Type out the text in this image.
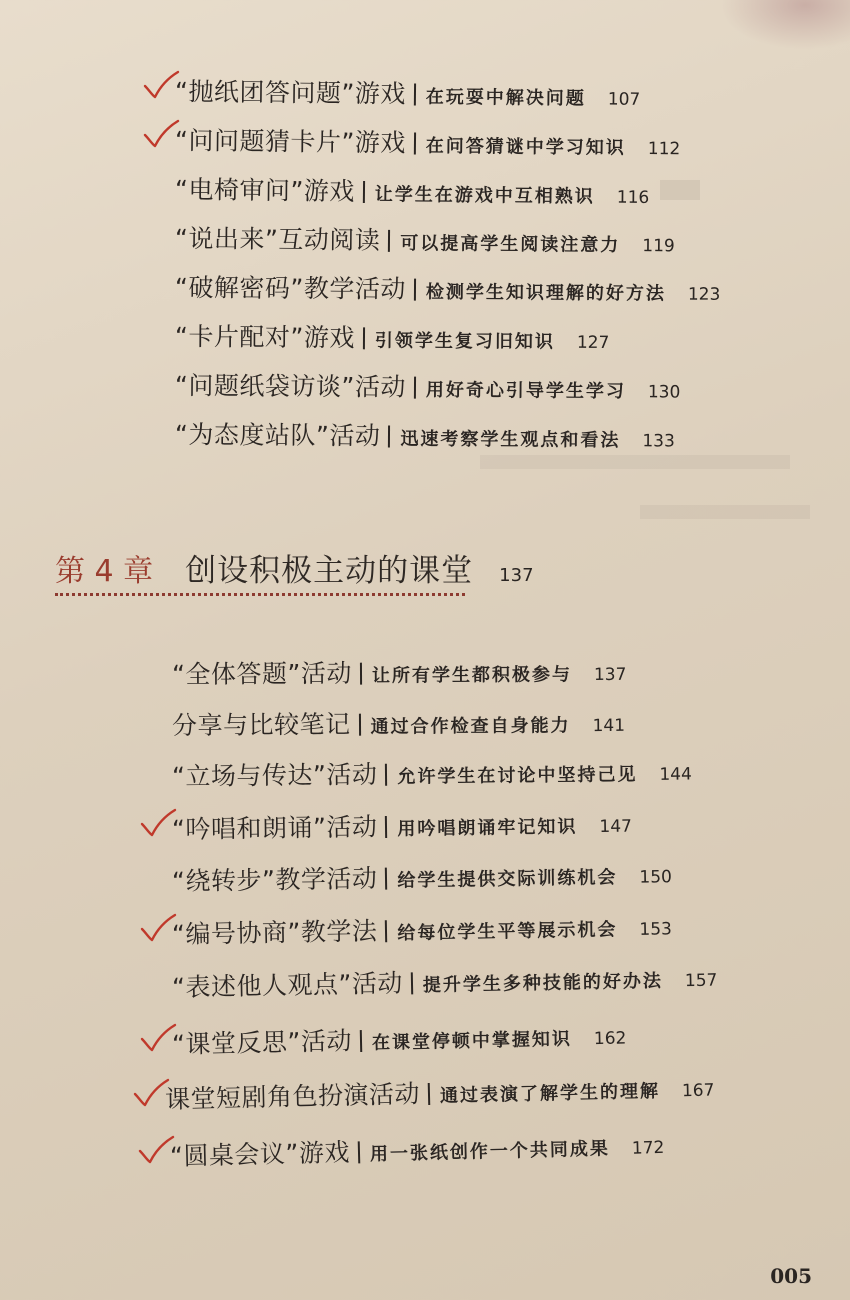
“抛纸团答问题”游戏 在玩耍中解决问题 107
“问问题猜卡片”游戏 在问答猜谜中学习知识 112
“电椅审问”游戏 让学生在游戏中互相熟识 116
“说出来”互动阅读 可以提高学生阅读注意力 119
“破解密码”教学活动 检测学生知识理解的好方法 123
“卡片配对”游戏 引领学生复习旧知识 127
“问题纸袋访谈”活动 用好奇心引导学生学习 130
“为态度站队”活动 迅速考察学生观点和看法 133
第 4 章 创设积极主动的课堂 137
“全体答题”活动 让所有学生都积极参与 137
分享与比较笔记 通过合作检查自身能力 141
“立场与传达”活动 允许学生在讨论中坚持己见 144
“吟唱和朗诵”活动 用吟唱朗诵牢记知识 147
“绕转步”教学活动 给学生提供交际训练机会 150
“编号协商”教学法 给每位学生平等展示机会 153
“表述他人观点”活动 提升学生多种技能的好办法 157
“课堂反思”活动 在课堂停顿中掌握知识 162
课堂短剧角色扮演活动 通过表演了解学生的理解 167
“圆桌会议”游戏 用一张纸创作一个共同成果 172
005
